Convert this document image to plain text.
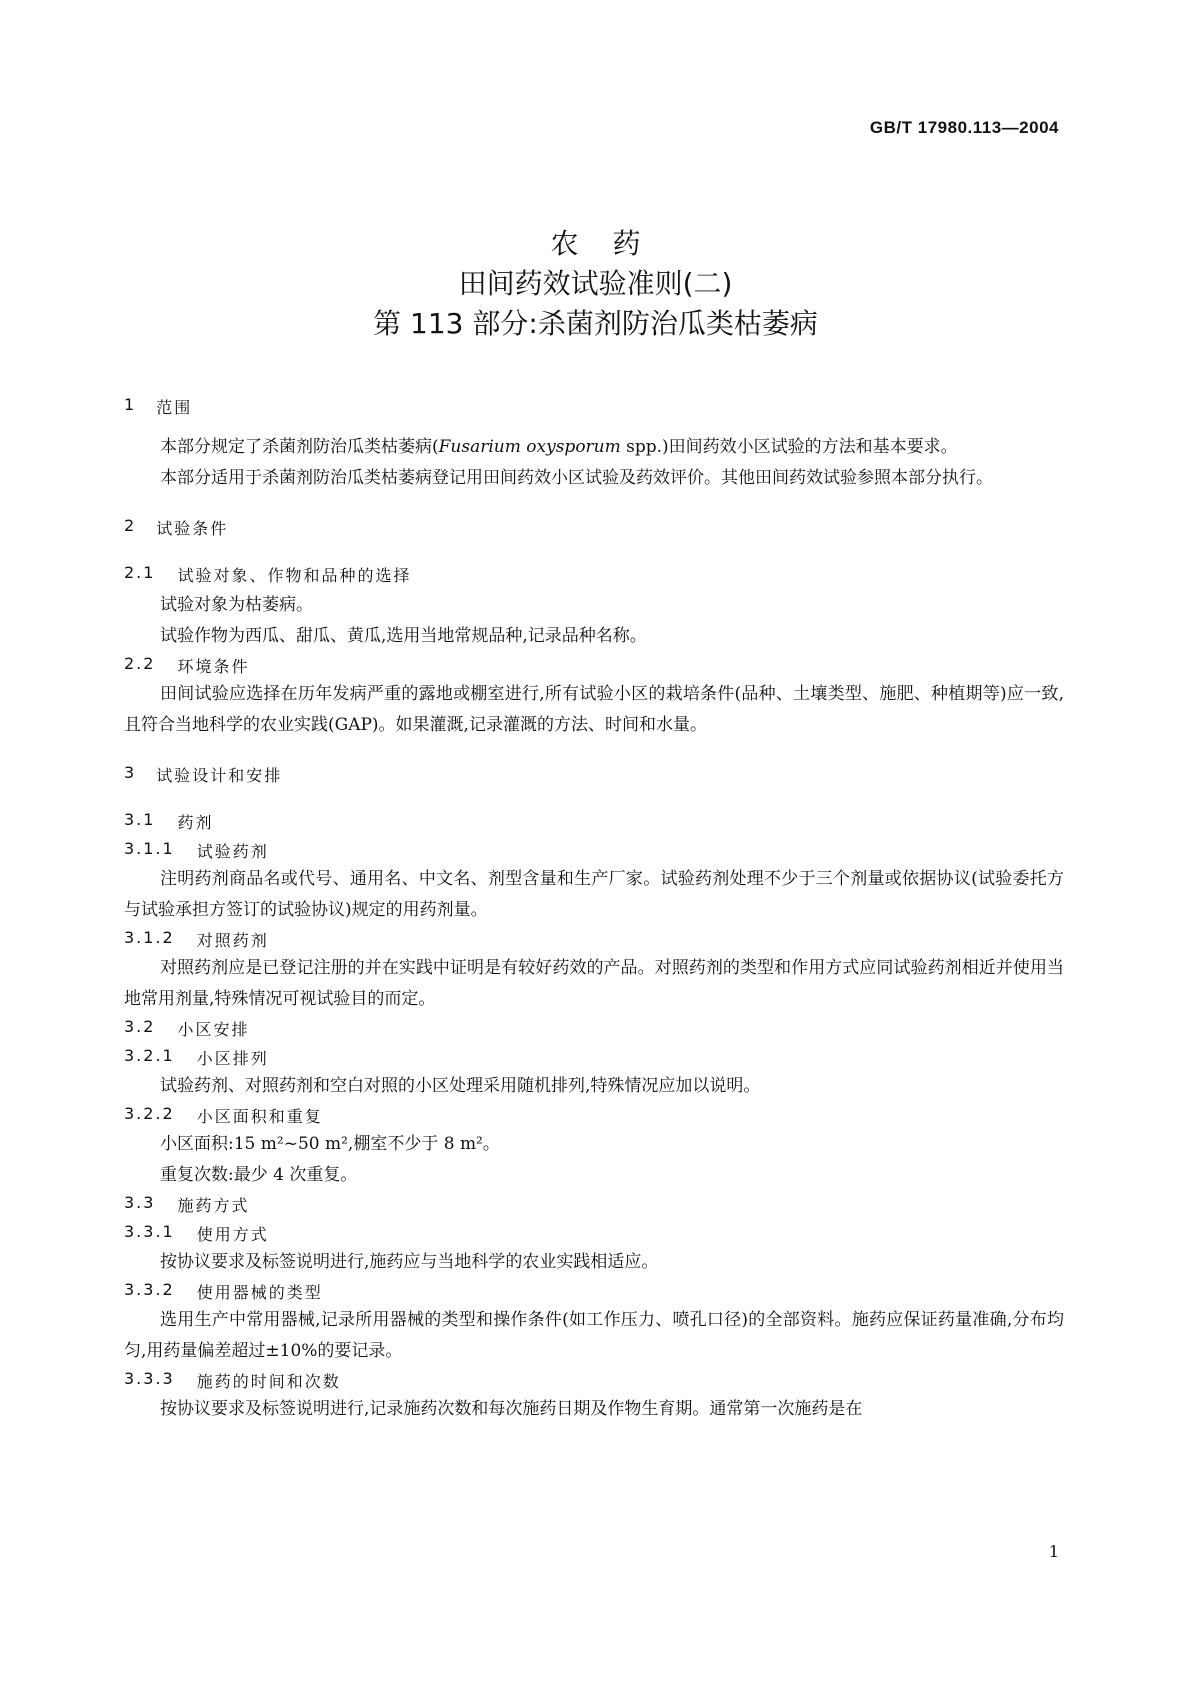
GB/T 17980.113—2004

农药

田间药效试验准则(二)

第 113 部分:杀菌剂防治瓜类枯萎病

1 范围

本部分规定了杀菌剂防治瓜类枯萎病(Fusarium oxysporum spp.)田间药效小区试验的方法和基本要求。

本部分适用于杀菌剂防治瓜类枯萎病登记用田间药效小区试验及药效评价。其他田间药效试验参照本部分执行。

2 试验条件
2.1 试验对象、作物和品种的选择

试验对象为枯萎病。

试验作物为西瓜、甜瓜、黄瓜,选用当地常规品种,记录品种名称。

2.2 环境条件

田间试验应选择在历年发病严重的露地或棚室进行,所有试验小区的栽培条件(品种、土壤类型、施肥、种植期等)应一致,且符合当地科学的农业实践(GAP)。如果灌溉,记录灌溉的方法、时间和水量。

3 试验设计和安排
3.1 药剂
3.1.1 试验药剂

注明药剂商品名或代号、通用名、中文名、剂型含量和生产厂家。试验药剂处理不少于三个剂量或依据协议(试验委托方与试验承担方签订的试验协议)规定的用药剂量。

3.1.2 对照药剂

对照药剂应是已登记注册的并在实践中证明是有较好药效的产品。对照药剂的类型和作用方式应同试验药剂相近并使用当地常用剂量,特殊情况可视试验目的而定。

3.2 小区安排
3.2.1 小区排列

试验药剂、对照药剂和空白对照的小区处理采用随机排列,特殊情况应加以说明。

3.2.2 小区面积和重复

小区面积:15 m²~50 m²,棚室不少于 8 m²。

重复次数:最少 4 次重复。

3.3 施药方式
3.3.1 使用方式

按协议要求及标签说明进行,施药应与当地科学的农业实践相适应。

3.3.2 使用器械的类型

选用生产中常用器械,记录所用器械的类型和操作条件(如工作压力、喷孔口径)的全部资料。施药应保证药量准确,分布均匀,用药量偏差超过±10%的要记录。

3.3.3 施药的时间和次数

按协议要求及标签说明进行,记录施药次数和每次施药日期及作物生育期。通常第一次施药是在

1
